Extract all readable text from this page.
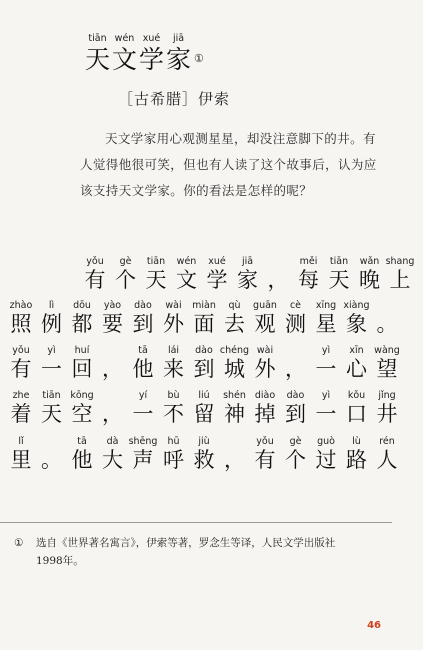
tiān wén xué jiā
天文学家 ①
［古希腊］伊索

天文学家用心观测星星，却没注意脚下的井。有人觉得他很可笑，但也有人读了这个故事后，认为应该支持天文学家。你的看法是怎样的呢？

yǒu
有
gè
个
tiān
天
wén
文
xué
学
jiā
家 ，
měi
每
tiān
天
wǎn
晚
shang
上
zhào
照
lì
例
dōu
都
yào
要
dào
到
wài
外
miàn
面
qù
去
guān
观
cè
测
xīng
星
xiàng
象 。
yǒu
有
yì
一
huí
回 ，
tā
他
lái
来
dào
到
chéng
城
wài
外 ，
yì
一
xīn
心
wàng
望
zhe
着
tiān
天
kōng
空 ，
yí
一
bù
不
liú
留
shén
神
diào
掉
dào
到
yì
一
kǒu
口
jǐng
井
lǐ
里 。
tā
他
dà
大
shēng
声
hū
呼
jiù
救 ，
yǒu
有
gè
个
guò
过
lù
路
rén
人
① 选自《世界著名寓言》，伊索等著，罗念生等译，人民文学出版社
1998年。
46
